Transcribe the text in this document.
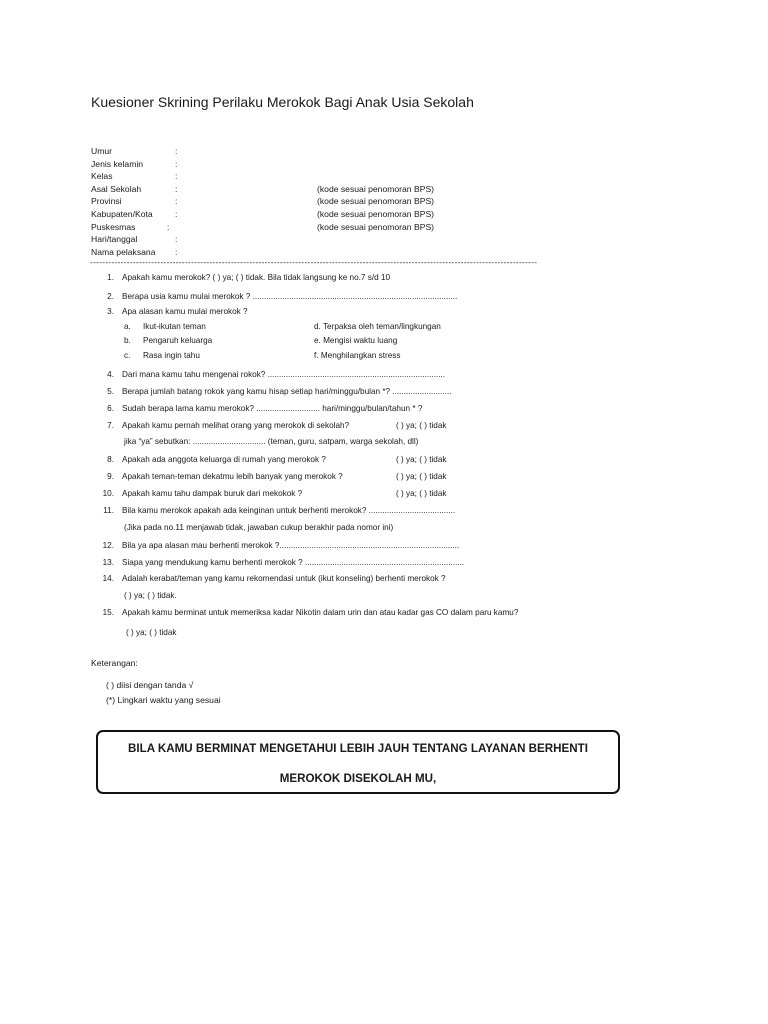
Kuesioner Skrining Perilaku Merokok Bagi Anak Usia Sekolah
Umur	:
Jenis kelamin	:
Kelas	:
Asal Sekolah	:	(kode sesuai penomoran BPS)
Provinsi	:	(kode sesuai penomoran BPS)
Kabupaten/Kota	:	(kode sesuai penomoran BPS)
Puskesmas	:	(kode sesuai penomoran BPS)
Hari/tanggal	:
Nama pelaksana :
--------------------------------------------------------------------------------------------------------------------------------------------------
1. Apakah kamu merokok? ( ) ya; ( ) tidak. Bila tidak langsung ke no.7 s/d 10
2. Berapa usia kamu mulai merokok ? ..........................................................................................
3. Apa alasan kamu mulai merokok ?
a. Ikut-ikutan teman	d. Terpaksa oleh teman/lingkungan
b. Pengaruh keluarga	e. Mengisi waktu luang
c. Rasa ingin tahu	f. Menghilangkan stress
4. Dari mana kamu tahu mengenai rokok? ..............................................................................
5. Berapa jumlah batang rokok yang kamu hisap setiap hari/minggu/bulan *? ..........................
6. Sudah berapa lama kamu merokok? ............................ hari/minggu/bulan/tahun * ?
7. Apakah kamu pernah melihat orang yang merokok di sekolah?	( ) ya; ( ) tidak
jika “ya” sebutkan: ................................ (teman, guru, satpam, warga sekolah, dll)
8. Apakah ada anggota keluarga di rumah yang merokok ?	( ) ya; ( ) tidak
9. Apakah teman-teman dekatmu lebih banyak yang merokok ?	( ) ya; ( ) tidak
10. Apakah kamu tahu dampak buruk dari mekokok ?	( ) ya; ( ) tidak
11. Bila kamu merokok apakah ada keinginan untuk berhenti merokok? ......................................
(Jika pada no.11 menjawab tidak, jawaban cukup berakhir pada nomor ini)
12. Bila ya apa alasan mau berhenti merokok ?...............................................................................
13. Siapa yang mendukung kamu berhenti merokok ? ......................................................................
14. Adalah kerabat/teman yang kamu rekomendasi untuk (ikut konseling) berhenti merokok ?
( ) ya; ( ) tidak.
15. Apakah kamu berminat untuk memeriksa kadar Nikotin dalam urin dan atau kadar gas CO dalam paru kamu?
( ) ya; ( ) tidak
Keterangan:
( ) diisi dengan tanda √
(*) Lingkari waktu yang sesuai
BILA KAMU BERMINAT MENGETAHUI LEBIH JAUH TENTANG LAYANAN BERHENTI
MEROKOK DISEKOLAH MU,
